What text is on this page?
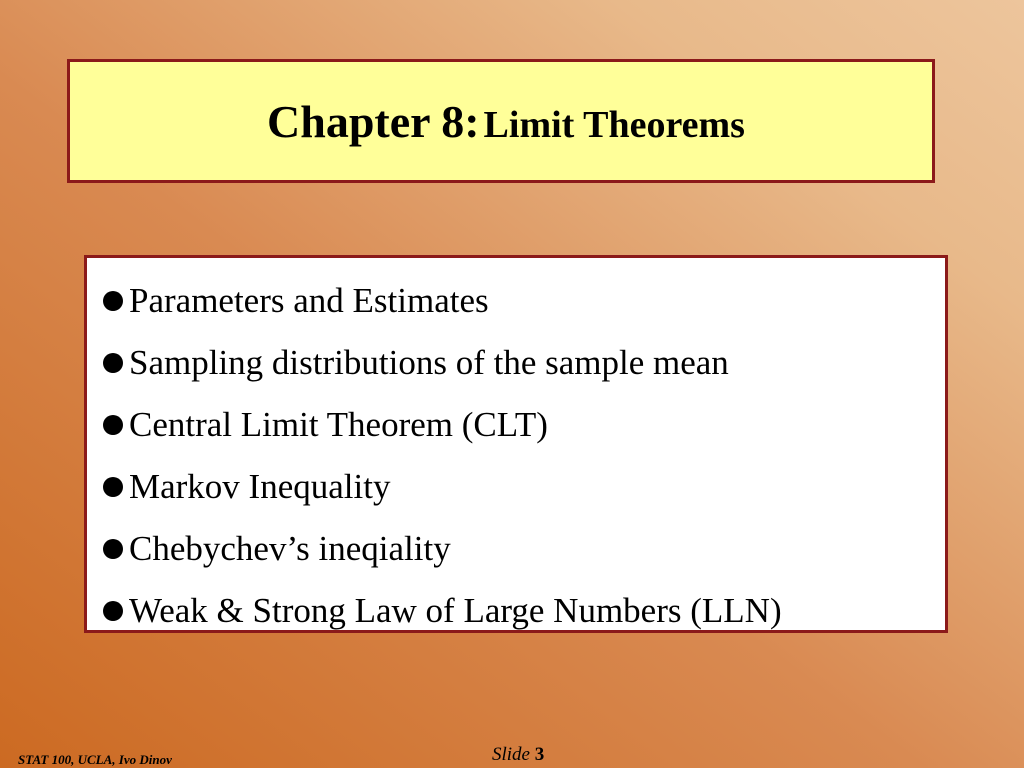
Chapter 8: Limit Theorems
Parameters and Estimates
Sampling distributions of the sample mean
Central Limit Theorem (CLT)
Markov Inequality
Chebychev’s ineqiality
Weak & Strong Law of Large Numbers (LLN)
STAT 100, UCLA, Ivo Dinov	Slide 3
